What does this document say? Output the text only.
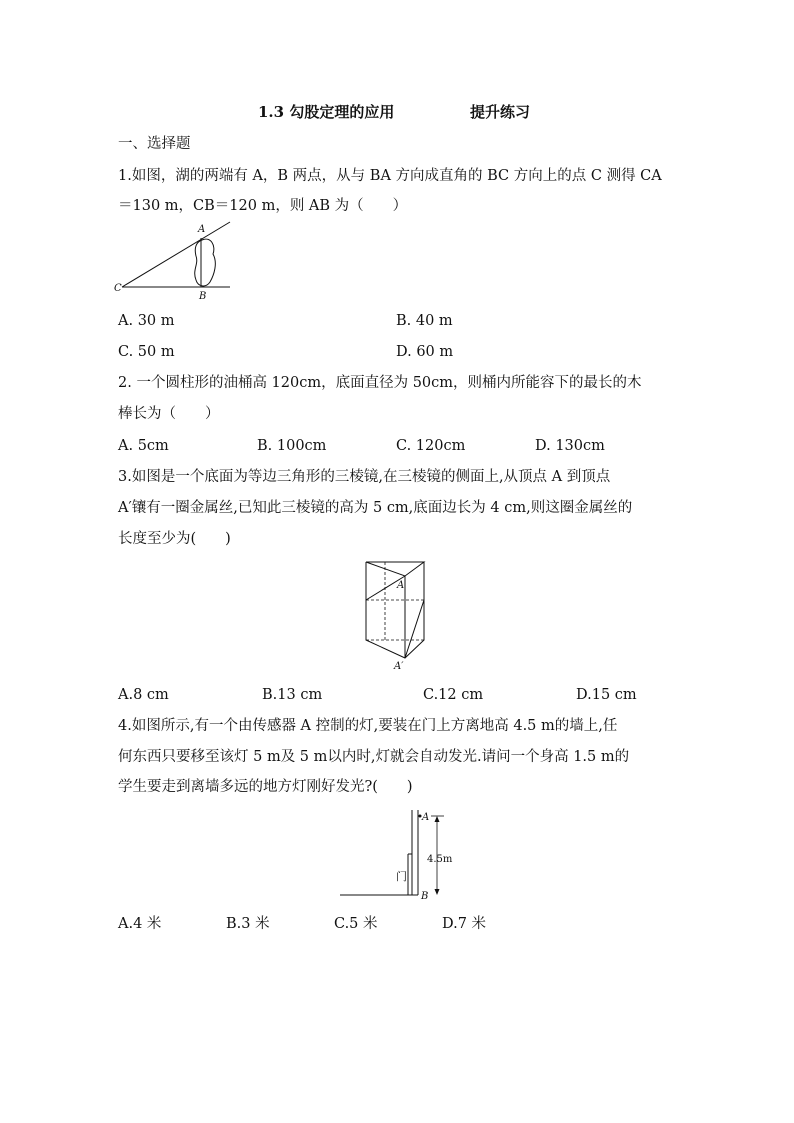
1.3 勾股定理的应用	提升练习
一、选择题
1.如图，湖的两端有 A，B 两点，从与 BA 方向成直角的 BC 方向上的点 C 测得 CA
＝130 m，CB＝120 m，则 AB 为（　　）
A
B
C
A. 30 m	B. 40 m
C. 50 m	D. 60 m
2. 一个圆柱形的油桶高 120cm，底面直径为 50cm，则桶内所能容下的最长的木
棒长为（　　）
A. 5cm	B. 100cm	C. 120cm	D. 130cm
3.如图是一个底面为等边三角形的三棱镜,在三棱镜的侧面上,从顶点 A 到顶点
A′镶有一圈金属丝,已知此三棱镜的高为 5 cm,底面边长为 4 cm,则这圈金属丝的
长度至少为(　　)
A
A′
A.8 cm	B.13 cm	C.12 cm	D.15 cm
4.如图所示,有一个由传感器 A 控制的灯,要装在门上方离地高 4.5 m的墙上,任
何东西只要移至该灯 5 m及 5 m以内时,灯就会自动发光.请问一个身高 1.5 m的
学生要走到离墙多远的地方灯刚好发光?(　　)
A
B
4.5m
门
A.4 米	B.3 米	C.5 米	D.7 米
